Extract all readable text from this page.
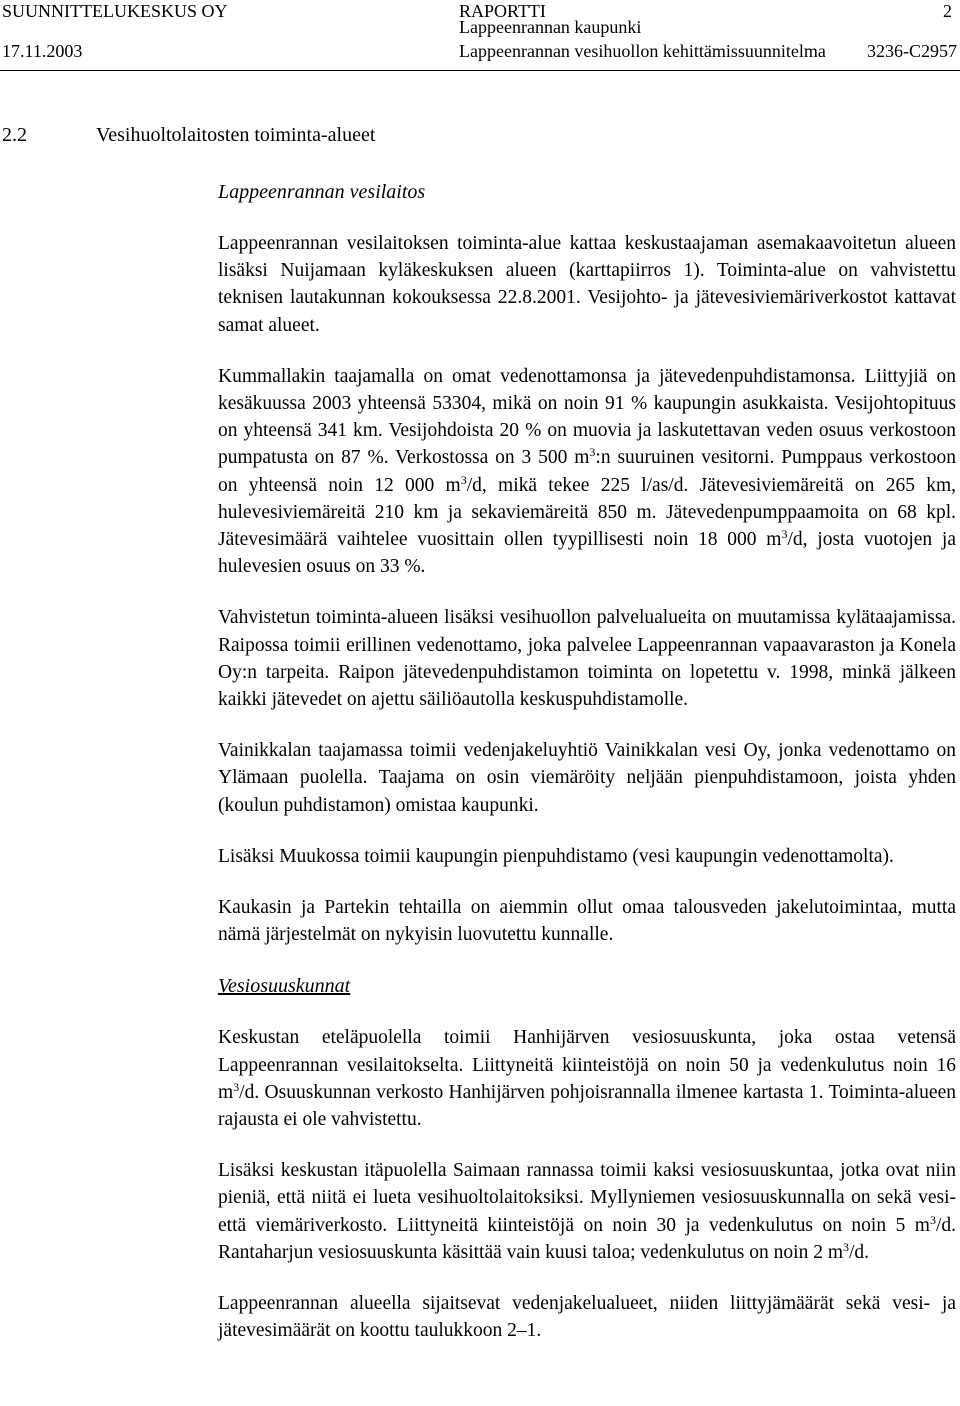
SUUNNITTELUKESKUS OY	RAPORTTI	2
Lappeenrannan kaupunki
17.11.2003	Lappeenrannan vesihuollon kehittämissuunnitelma 3236-C2957
2.2	Vesihuoltolaitosten toiminta-alueet
Lappeenrannan vesilaitos

Lappeenrannan vesilaitoksen toiminta-alue kattaa keskustaajaman asemakaavoitetun alueen lisäksi Nuijamaan kyläkeskuksen alueen (karttapiirros 1). Toiminta-alue on vahvistettu teknisen lautakunnan kokouksessa 22.8.2001. Vesijohto- ja jätevesiviemäriverkostot kattavat samat alueet.

Kummallakin taajamalla on omat vedenottamonsa ja jätevedenpuhdistamonsa. Liittyjiä on kesäkuussa 2003 yhteensä 53304, mikä on noin 91 % kaupungin asukkaista. Vesijohtopituus on yhteensä 341 km. Vesijohdoista 20 % on muovia ja laskutettavan veden osuus verkostoon pumpatusta on 87 %. Verkostossa on 3 500 $m^3:n$ suuruinen vesitorni. Pumppaus verkostoon on yhteensä noin 12 000 $m^3/d$, mikä tekee 225 l/as/d. Jätevesiviemäreitä on 265 km, hulevesiviemäreitä 210 km ja sekaviemäreitä 850 m. Jätevedenpumppaamoita on 68 kpl. Jätevesimäärä vaihtelee vuosittain ollen tyypillisesti noin 18 000 $m^3/d$, josta vuotojen ja hulevesien osuus on 33 %.

Vahvistetun toiminta-alueen lisäksi vesihuollon palvelualueita on muutamissa kylätaajamissa. Raipossa toimii erillinen vedenottamo, joka palvelee Lappeenrannan vapaavaraston ja Konela Oy:n tarpeita. Raipon jätevedenpuhdistamon toiminta on lopetettu v. 1998, minkä jälkeen kaikki jätevedet on ajettu säiliöautolla keskuspuhdistamolle.

Vainikkalan taajamassa toimii vedenjakeluyhtiö Vainikkalan vesi Oy, jonka vedenottamo on Ylämaan puolella. Taajama on osin viemäröity neljään pienpuhdistamoon, joista yhden (koulun puhdistamon) omistaa kaupunki.

Lisäksi Muukossa toimii kaupungin pienpuhdistamo (vesi kaupungin vedenottamolta).

Kaukasin ja Partekin tehtailla on aiemmin ollut omaa talousveden jakelutoimintaa, mutta nämä järjestelmät on nykyisin luovutettu kunnalle.

Vesiosuuskunnat

Keskustan eteläpuolella toimii Hanhijärven vesiosuuskunta, joka ostaa vetensä Lappeenrannan vesilaitokselta. Liittyneitä kiinteistöjä on noin 50 ja vedenkulutus noin 16 $m^3/d$. Osuuskunnan verkosto Hanhijärven pohjoisrannalla ilmenee kartasta 1. Toiminta-alueen rajausta ei ole vahvistettu.

Lisäksi keskustan itäpuolella Saimaan rannassa toimii kaksi vesiosuuskuntaa, jotka ovat niin pieniä, että niitä ei lueta vesihuoltolaitoksiksi. Myllyniemen vesiosuuskunnalla on sekä vesi- että viemäriverkosto. Liittyneitä kiinteistöjä on noin 30 ja vedenkulutus on noin 5 $m^3/d$. Rantaharjun vesiosuuskunta käsittää vain kuusi taloa; vedenkulutus on noin 2 $m^3/d$.

Lappeenrannan alueella sijaitsevat vedenjakelualueet, niiden liittyjämäärät sekä vesi- ja jätevesimäärät on koottu taulukkoon 2–1.
